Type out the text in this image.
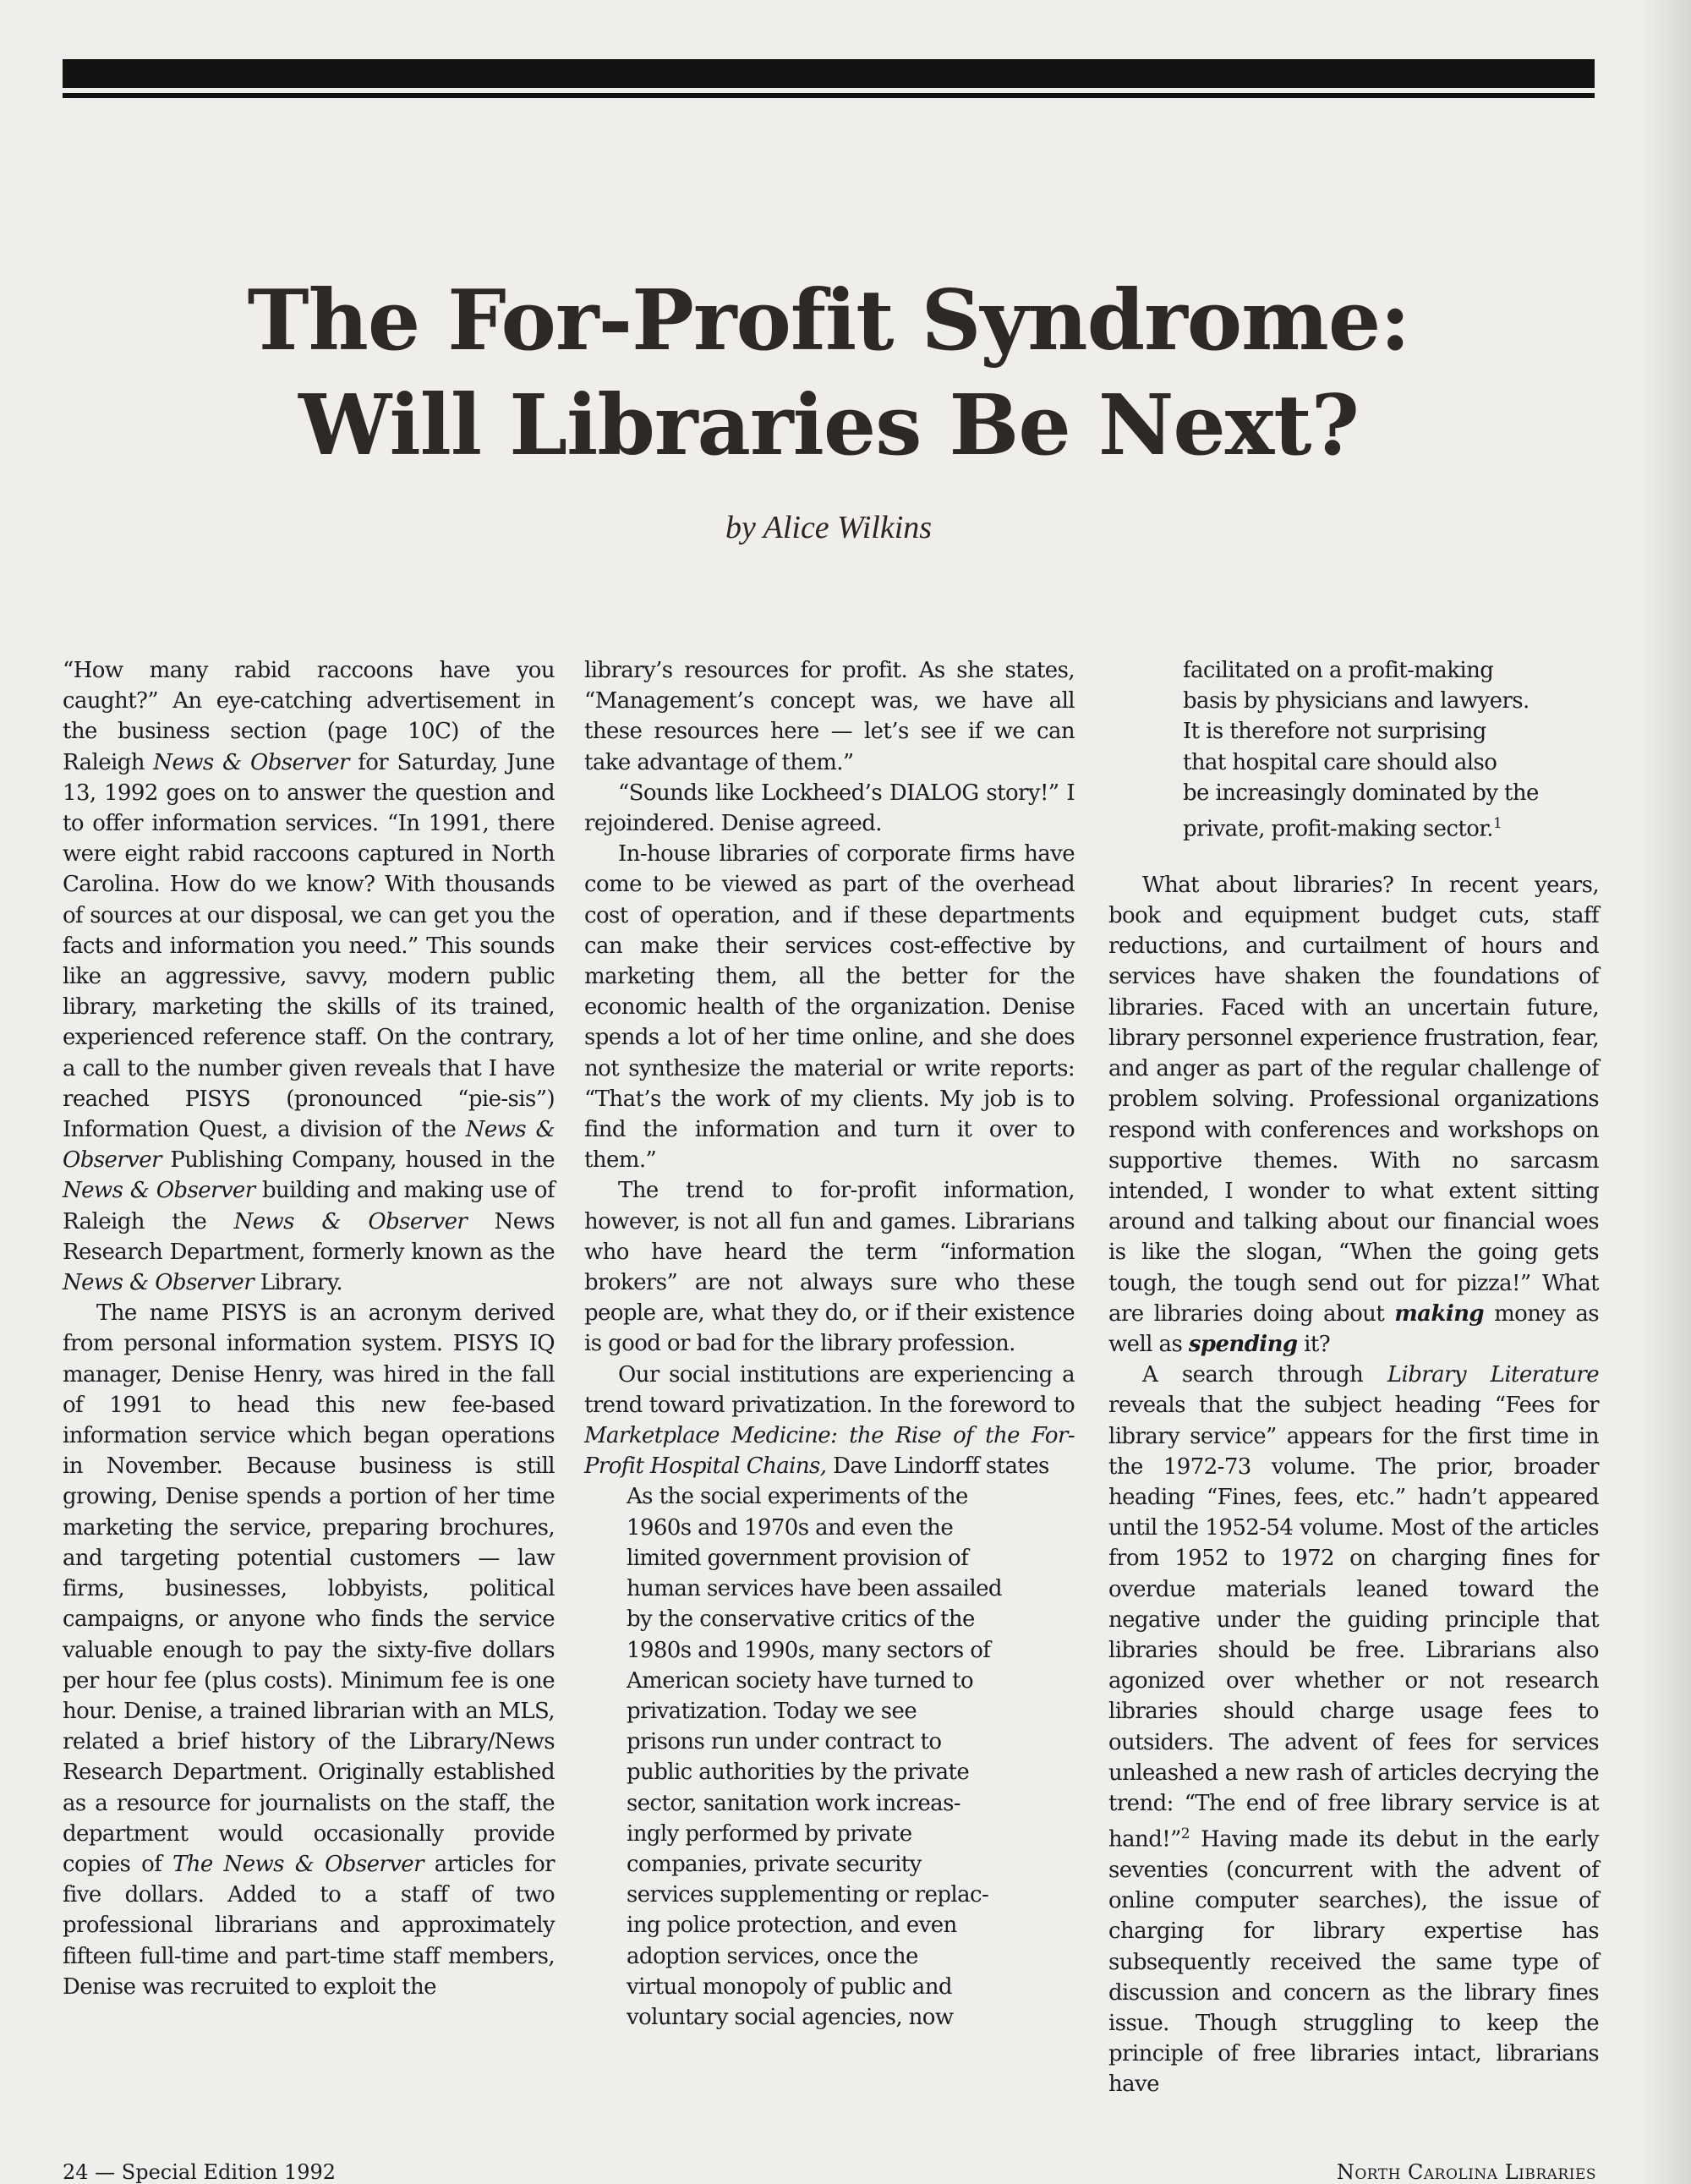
The For-Profit Syndrome:
Will Libraries Be Next?
by Alice Wilkins

“How many rabid raccoons have you caught?” An eye-catching advertisement in the business section (page 10C) of the Raleigh News & Observer for Saturday, June 13, 1992 goes on to answer the question and to offer information services. “In 1991, there were eight rabid raccoons captured in North Carolina. How do we know? With thousands of sources at our disposal, we can get you the facts and information you need.” This sounds like an aggressive, savvy, modern public library, marketing the skills of its trained, experienced reference staff. On the contrary, a call to the number given reveals that I have reached PISYS (pronounced “pie-sis”) Information Quest, a division of the News & Observer Publishing Company, housed in the News & Observer building and making use of Raleigh the News & Observer News Research Department, formerly known as the News & Observer Library.

The name PISYS is an acronym derived from personal information system. PISYS IQ manager, Denise Henry, was hired in the fall of 1991 to head this new fee-based information service which began operations in November. Because business is still growing, Denise spends a portion of her time marketing the service, preparing brochures, and targeting potential customers — law firms, businesses, lobbyists, political campaigns, or anyone who finds the service valuable enough to pay the sixty-five dollars per hour fee (plus costs). Minimum fee is one hour. Denise, a trained librarian with an MLS, related a brief history of the Library/News Research Department. Originally established as a resource for journalists on the staff, the department would occasionally provide copies of The News & Observer articles for five dollars. Added to a staff of two professional librarians and approximately fifteen full-time and part-time staff members, Denise was recruited to exploit the

library’s resources for profit. As she states, “Management’s concept was, we have all these resources here — let’s see if we can take advantage of them.”

“Sounds like Lockheed’s DIALOG story!” I rejoindered. Denise agreed.

In-house libraries of corporate firms have come to be viewed as part of the overhead cost of operation, and if these departments can make their services cost-effective by marketing them, all the better for the economic health of the organization. Denise spends a lot of her time online, and she does not synthesize the material or write reports: “That’s the work of my clients. My job is to find the information and turn it over to them.”

The trend to for-profit information, however, is not all fun and games. Librarians who have heard the term “information brokers” are not always sure who these people are, what they do, or if their existence is good or bad for the library profession.

Our social institutions are experiencing a trend toward privatization. In the foreword to Marketplace Medicine: the Rise of the For-Profit Hospital Chains, Dave Lindorff states

As the social experiments of the
1960s and 1970s and even the
limited government provision of
human services have been assailed
by the conservative critics of the
1980s and 1990s, many sectors of
American society have turned to
privatization. Today we see
prisons run under contract to
public authorities by the private
sector, sanitation work increas-
ingly performed by private
companies, private security
services supplementing or replac-
ing police protection, and even
adoption services, once the
virtual monopoly of public and
voluntary social agencies, now
facilitated on a profit-making
basis by physicians and lawyers.
It is therefore not surprising
that hospital care should also
be increasingly dominated by the
private, profit-making sector.$^1$

What about libraries? In recent years, book and equipment budget cuts, staff reductions, and curtailment of hours and services have shaken the foundations of libraries. Faced with an uncertain future, library personnel experience frustration, fear, and anger as part of the regular challenge of problem solving. Professional organizations respond with conferences and workshops on supportive themes. With no sarcasm intended, I wonder to what extent sitting around and talking about our financial woes is like the slogan, “When the going gets tough, the tough send out for pizza!” What are libraries doing about making money as well as spending it?

A search through Library Literature reveals that the subject heading “Fees for library service” appears for the first time in the 1972-73 volume. The prior, broader heading “Fines, fees, etc.” hadn’t appeared until the 1952-54 volume. Most of the articles from 1952 to 1972 on charging fines for overdue materials leaned toward the negative under the guiding principle that libraries should be free. Librarians also agonized over whether or not research libraries should charge usage fees to outsiders. The advent of fees for services unleashed a new rash of articles decrying the trend: “The end of free library service is at hand!”$^2$ Having made its debut in the early seventies (concurrent with the advent of online computer searches), the issue of charging for library expertise has subsequently received the same type of discussion and concern as the library fines issue. Though struggling to keep the principle of free libraries intact, librarians have

24 — Special Edition 1992	North Carolina Libraries
